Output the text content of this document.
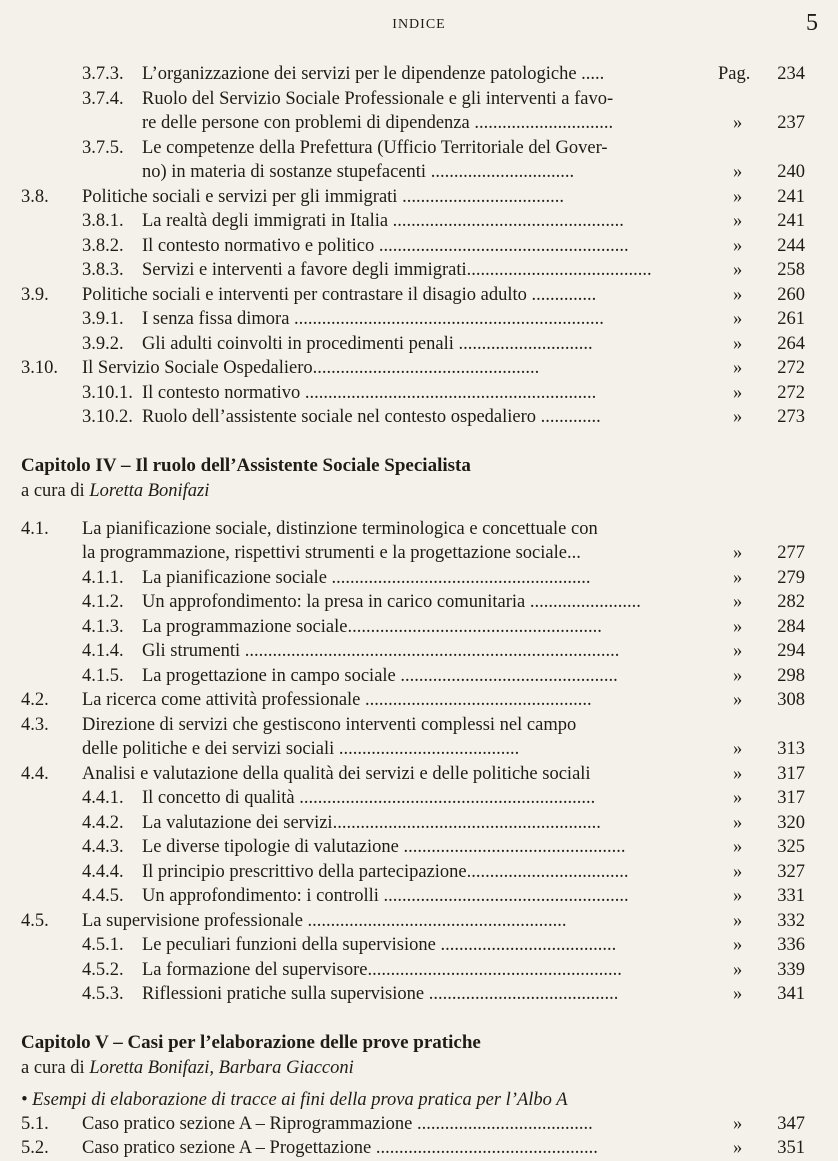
INDICE	5
3.7.3. L’organizzazione dei servizi per le dipendenze patologiche .....	Pag. 234
3.7.4. Ruolo del Servizio Sociale Professionale e gli interventi a favo-
re delle persone con problemi di dipendenza ..............................	» 237
3.7.5. Le competenze della Prefettura (Ufficio Territoriale del Gover-
no) in materia di sostanze stupefacenti ...............................	» 240
3.8. Politiche sociali e servizi per gli immigrati ...................................	» 241
3.8.1. La realtà degli immigrati in Italia ..................................................	» 241
3.8.2. Il contesto normativo e politico ......................................................	» 244
3.8.3. Servizi e interventi a favore degli immigrati........................................	» 258
3.9. Politiche sociali e interventi per contrastare il disagio adulto ..............	» 260
3.9.1. I senza fissa dimora ...................................................................	» 261
3.9.2. Gli adulti coinvolti in procedimenti penali .............................	» 264
3.10. Il Servizio Sociale Ospedaliero.................................................	» 272
3.10.1. Il contesto normativo ...............................................................	» 272
3.10.2. Ruolo dell’assistente sociale nel contesto ospedaliero .............	» 273
Capitolo IV – Il ruolo dell’Assistente Sociale Specialista
a cura di Loretta Bonifazi
4.1. La pianificazione sociale, distinzione terminologica e concettuale con
la programmazione, rispettivi strumenti e la progettazione sociale...	» 277
4.1.1. La pianificazione sociale ........................................................	» 279
4.1.2. Un approfondimento: la presa in carico comunitaria ........................	» 282
4.1.3. La programmazione sociale.......................................................	» 284
4.1.4. Gli strumenti .................................................................................	» 294
4.1.5. La progettazione in campo sociale ...............................................	» 298
4.2. La ricerca come attività professionale .................................................	» 308
4.3. Direzione di servizi che gestiscono interventi complessi nel campo
delle politiche e dei servizi sociali .......................................	» 313
4.4. Analisi e valutazione della qualità dei servizi e delle politiche sociali	» 317
4.4.1. Il concetto di qualità ................................................................	» 317
4.4.2. La valutazione dei servizi..........................................................	» 320
4.4.3. Le diverse tipologie di valutazione ................................................	» 325
4.4.4. Il principio prescrittivo della partecipazione...................................	» 327
4.4.5. Un approfondimento: i controlli .....................................................	» 331
4.5. La supervisione professionale ........................................................	» 332
4.5.1. Le peculiari funzioni della supervisione ......................................	» 336
4.5.2. La formazione del supervisore.......................................................	» 339
4.5.3. Riflessioni pratiche sulla supervisione .........................................	» 341
Capitolo V – Casi per l’elaborazione delle prove pratiche
a cura di Loretta Bonifazi, Barbara Giacconi
• Esempi di elaborazione di tracce ai fini della prova pratica per l’Albo A
5.1. Caso pratico sezione A – Riprogrammazione ......................................	» 347
5.2. Caso pratico sezione A – Progettazione ................................................	» 351
